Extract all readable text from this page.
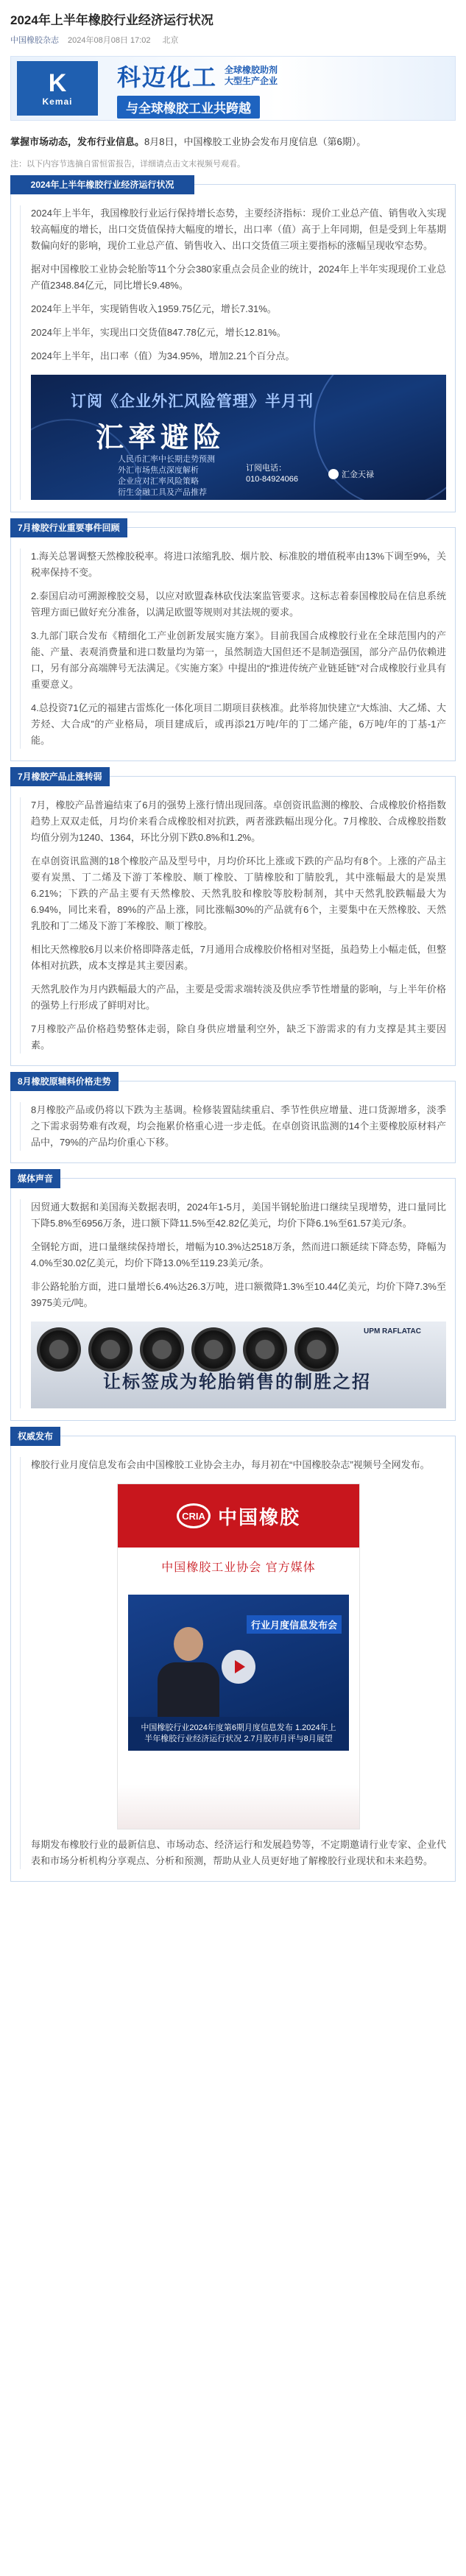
2024年上半年橡胶行业经济运行状况
中国橡胶杂志 2024年08月08日 17:02 北京
K
Kemai
科迈化工 全球橡胶助剂
大型生产企业
与全球橡胶工业共跨越

掌握市场动态，发布行业信息。8月8日，中国橡胶工业协会发布月度信息（第6期）。

注：以下内容节选摘自雷恒雷报告，详细请点击文末视频号观看。

2024年上半年橡胶行业经济运行状况

2024年上半年，我国橡胶行业运行保持增长态势，主要经济指标：现价工业总产值、销售收入实现较高幅度的增长，出口交货值保持大幅度的增长，出口率（值）高于上年同期，但是受到上年基期数偏向好的影响，现价工业总产值、销售收入、出口交货值三项主要指标的涨幅呈现收窄态势。

据对中国橡胶工业协会轮胎等11个分会380家重点会员企业的统计，2024年上半年实现现价工业总产值2348.84亿元，同比增长9.48%。

2024年上半年，实现销售收入1959.75亿元，增长7.31%。

2024年上半年，实现出口交货值847.78亿元，增长12.81%。

2024年上半年，出口率（值）为34.95%，增加2.21个百分点。

订阅《企业外汇风险管理》半月刊
汇率避险
人民币汇率中长期走势预测
外汇市场焦点深度解析
企业应对汇率风险策略
衍生金融工具及产品推荐
订阅电话：
010-84924066	汇金天禄
7月橡胶行业重要事件回顾

1.海关总署调整天然橡胶税率。将进口浓缩乳胶、烟片胶、标准胶的增值税率由13%下调至9%，关税率保持不变。

2.泰国启动可溯源橡胶交易，以应对欧盟森林砍伐法案监管要求。这标志着泰国橡胶局在信息系统管理方面已做好充分准备，以满足欧盟等规则对其法规的要求。

3.九部门联合发布《精细化工产业创新发展实施方案》。目前我国合成橡胶行业在全球范围内的产能、产量、表观消费量和进口数量均为第一，虽然制造大国但还不是制造强国，部分产品仍依赖进口，另有部分高端牌号无法满足。《实施方案》中提出的“推进传统产业链延链”对合成橡胶行业具有重要意义。

4.总投资71亿元的福建古雷炼化一体化项目二期项目获核准。此举将加快建立“大炼油、大乙烯、大芳烃、大合成”的产业格局，项目建成后，或再添21万吨/年的丁二烯产能，6万吨/年的丁基-1产能。

7月橡胶产品止涨转弱

7月，橡胶产品普遍结束了6月的强势上涨行情出现回落。卓创资讯监测的橡胶、合成橡胶价格指数趋势上双双走低，月均价来看合成橡胶相对抗跌，两者涨跌幅出现分化。7月橡胶、合成橡胶指数均值分别为1240、1364，环比分别下跌0.8%和1.2%。

在卓创资讯监测的18个橡胶产品及型号中，月均价环比上涨或下跌的产品均有8个。上涨的产品主要有炭黑、丁二烯及下游丁苯橡胶、顺丁橡胶、丁腈橡胶和丁腈胶乳，其中涨幅最大的是炭黑6.21%；下跌的产品主要有天然橡胶、天然乳胶和橡胶等胶粉制剂，其中天然乳胶跌幅最大为6.94%，同比来看，89%的产品上涨，同比涨幅30%的产品就有6个，主要集中在天然橡胶、天然乳胶和丁二烯及下游丁苯橡胶、顺丁橡胶。

相比天然橡胶6月以来价格即降落走低，7月通用合成橡胶价格相对坚挺，虽趋势上小幅走低，但整体相对抗跌，成本支撑是其主要因素。

天然乳胶作为月内跌幅最大的产品，主要是受需求端转淡及供应季节性增量的影响，与上半年价格的强势上行形成了鲜明对比。

7月橡胶产品价格趋势整体走弱，除自身供应增量利空外，缺乏下游需求的有力支撑是其主要因素。

8月橡胶原辅料价格走势

8月橡胶产品或仍将以下跌为主基调。检修装置陆续重启、季节性供应增量、进口货源增多，淡季之下需求弱势难有改观，均会拖累价格重心进一步走低。在卓创资讯监测的14个主要橡胶原材料产品中，79%的产品均价重心下移。

媒体声音

因贸通大数据和美国海关数据表明，2024年1-5月，美国半钢轮胎进口继续呈现增势，进口量同比下降5.8%至6956万条，进口额下降11.5%至42.82亿美元，均价下降6.1%至61.57美元/条。

全钢轮方面，进口量继续保持增长，增幅为10.3%达2518万条，然而进口额延续下降态势，降幅为4.0%至30.02亿美元，均价下降13.0%至119.23美元/条。

非公路轮胎方面，进口量增长6.4%达26.3万吨，进口额微降1.3%至10.44亿美元，均价下降7.3%至3975美元/吨。

UPM RAFLATAC
让标签成为轮胎销售的制胜之招
权威发布

橡胶行业月度信息发布会由中国橡胶工业协会主办，每月初在“中国橡胶杂志”视频号全网发布。

CRIA 中国橡胶
中国橡胶工业协会 官方媒体
行业月度信息发布会
中国橡胶行业2024年度第6期月度信息发布 1.2024年上半年橡胶行业经济运行状况 2.7月胶市月评与8月展望

每期发布橡胶行业的最新信息、市场动态、经济运行和发展趋势等，不定期邀请行业专家、企业代表和市场分析机构分享观点、分析和预测，帮助从业人员更好地了解橡胶行业现状和未来趋势。
